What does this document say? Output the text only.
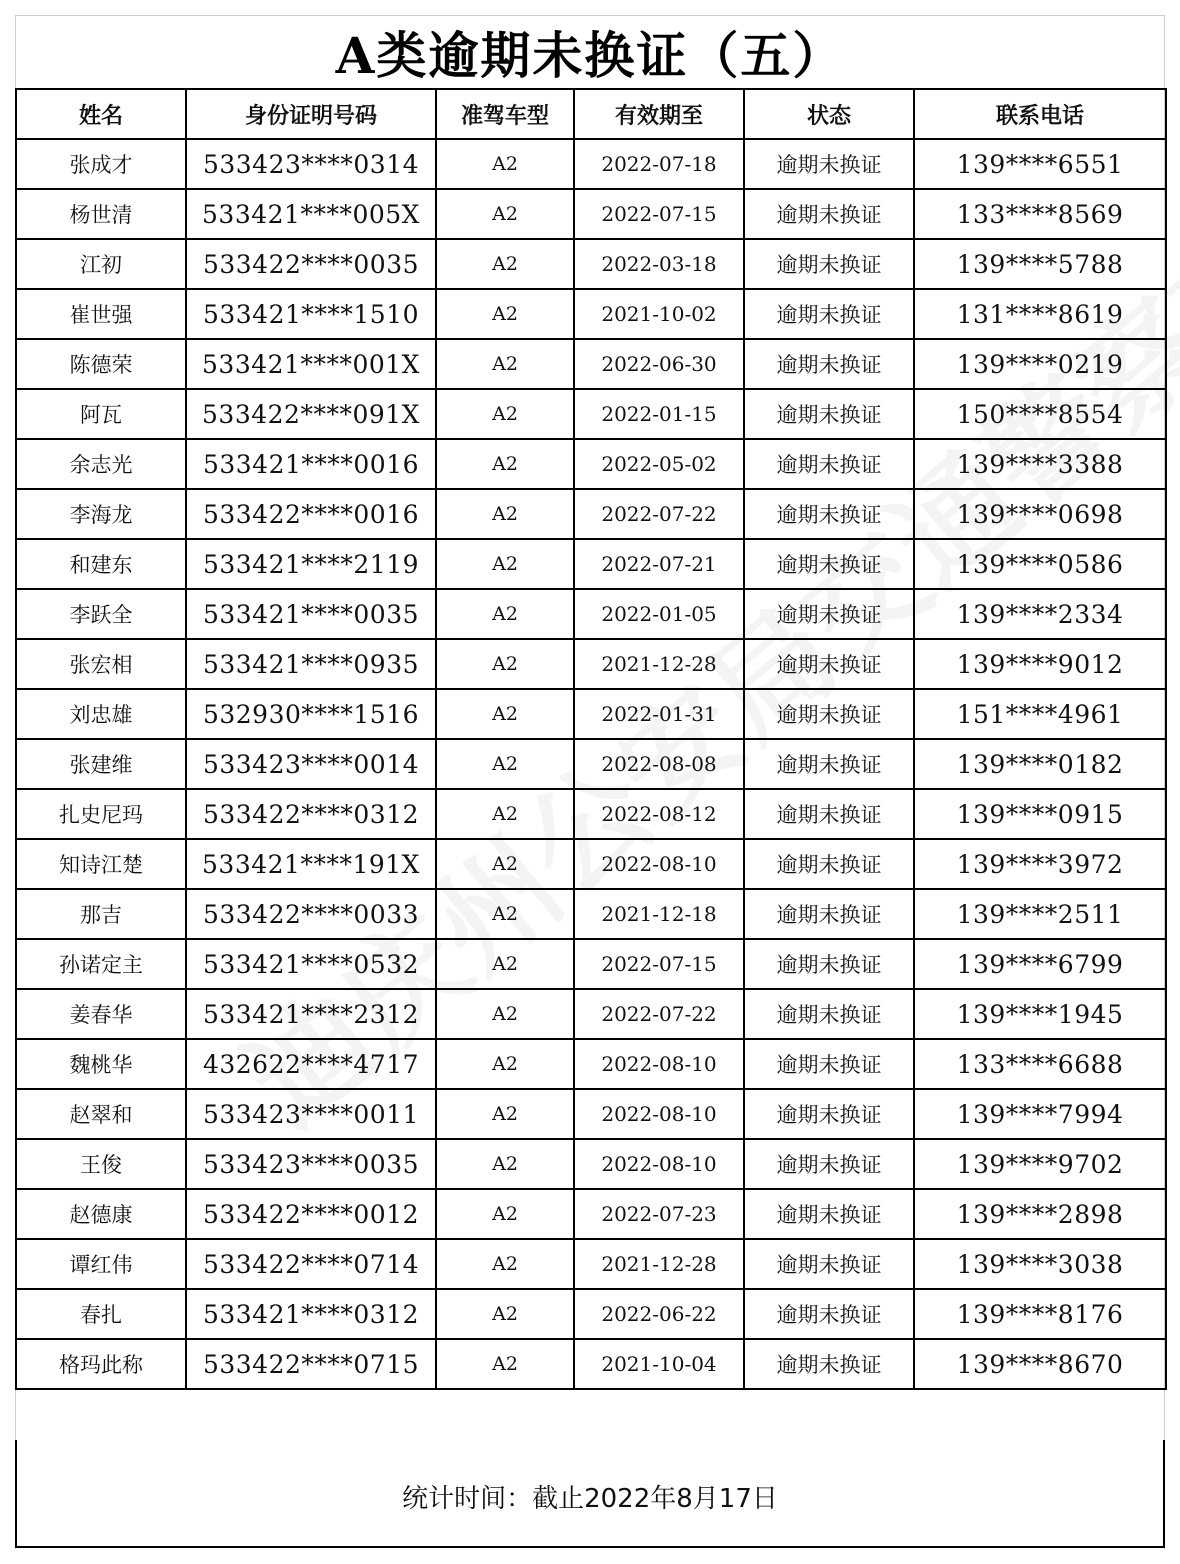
A类逾期未换证（五）
姓名	身份证明号码	准驾车型	有效期至	状态	联系电话
张成才	533423****0314	A2	2022-07-18	逾期未换证	139****6551
杨世清	533421****005X	A2	2022-07-15	逾期未换证	133****8569
江初	533422****0035	A2	2022-03-18	逾期未换证	139****5788
崔世强	533421****1510	A2	2021-10-02	逾期未换证	131****8619
陈德荣	533421****001X	A2	2022-06-30	逾期未换证	139****0219
阿瓦	533422****091X	A2	2022-01-15	逾期未换证	150****8554
余志光	533421****0016	A2	2022-05-02	逾期未换证	139****3388
李海龙	533422****0016	A2	2022-07-22	逾期未换证	139****0698
和建东	533421****2119	A2	2022-07-21	逾期未换证	139****0586
李跃全	533421****0035	A2	2022-01-05	逾期未换证	139****2334
张宏相	533421****0935	A2	2021-12-28	逾期未换证	139****9012
刘忠雄	532930****1516	A2	2022-01-31	逾期未换证	151****4961
张建维	533423****0014	A2	2022-08-08	逾期未换证	139****0182
扎史尼玛	533422****0312	A2	2022-08-12	逾期未换证	139****0915
知诗江楚	533421****191X	A2	2022-08-10	逾期未换证	139****3972
那吉	533422****0033	A2	2021-12-18	逾期未换证	139****2511
孙诺定主	533421****0532	A2	2022-07-15	逾期未换证	139****6799
姜春华	533421****2312	A2	2022-07-22	逾期未换证	139****1945
魏桃华	432622****4717	A2	2022-08-10	逾期未换证	133****6688
赵翠和	533423****0011	A2	2022-08-10	逾期未换证	139****7994
王俊	533423****0035	A2	2022-08-10	逾期未换证	139****9702
赵德康	533422****0012	A2	2022-07-23	逾期未换证	139****2898
谭红伟	533422****0714	A2	2021-12-28	逾期未换证	139****3038
春扎	533421****0312	A2	2022-06-22	逾期未换证	139****8176
格玛此称	533422****0715	A2	2021-10-04	逾期未换证	139****8670
统计时间：截止2022年8月17日
